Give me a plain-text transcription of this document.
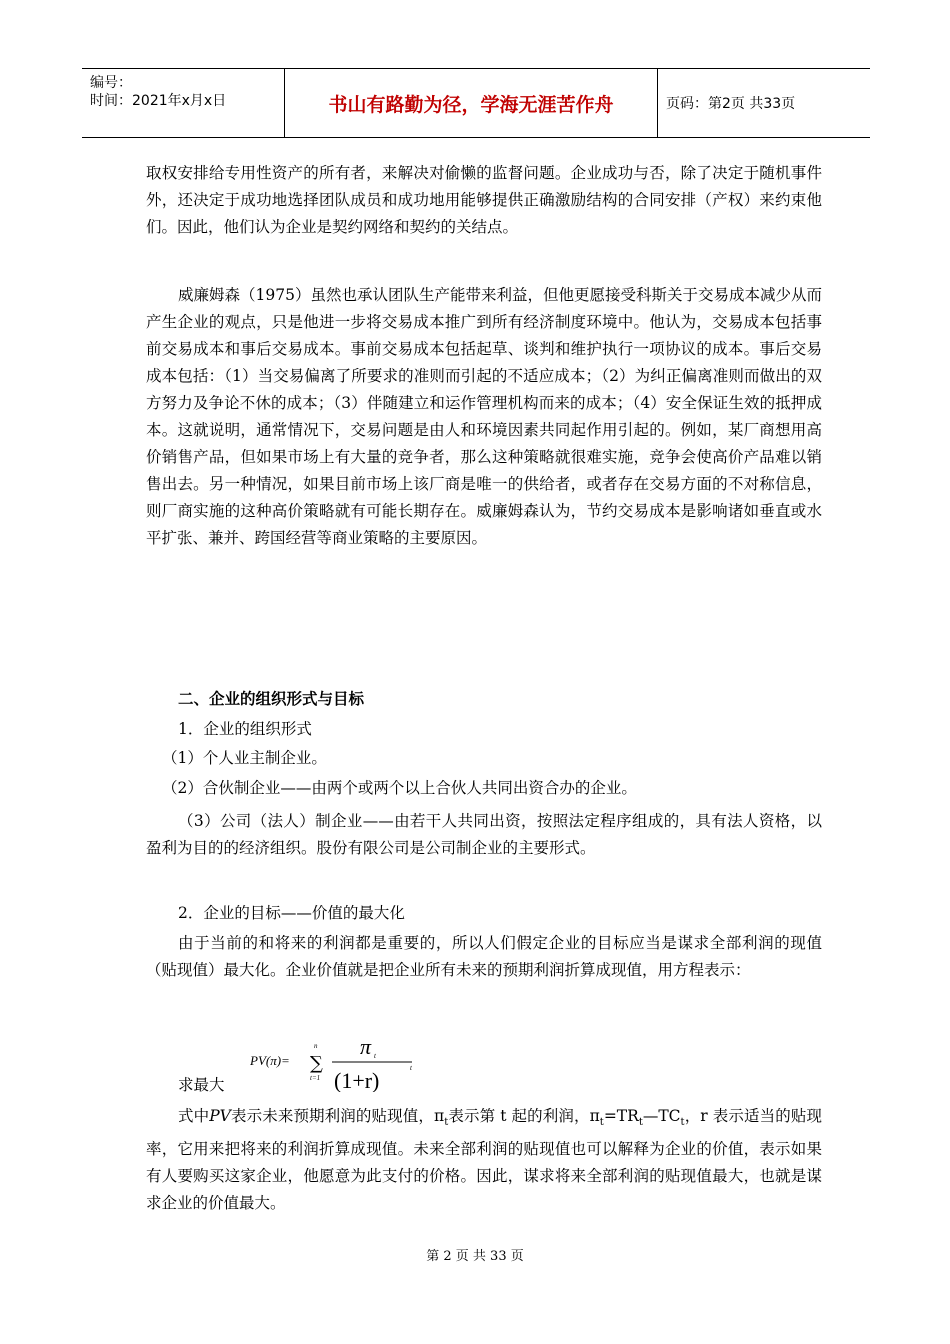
编号：
时间：2021年x月x日	书山有路勤为径，学海无涯苦作舟	页码：第2页 共33页

取权安排给专用性资产的所有者，来解决对偷懒的监督问题。企业成功与否，除了决定于随机事件外，还决定于成功地选择团队成员和成功地用能够提供正确激励结构的合同安排（产权）来约束他们。因此，他们认为企业是契约网络和契约的关结点。

威廉姆森（1975）虽然也承认团队生产能带来利益，但他更愿接受科斯关于交易成本减少从而产生企业的观点，只是他进一步将交易成本推广到所有经济制度环境中。他认为，交易成本包括事前交易成本和事后交易成本。事前交易成本包括起草、谈判和维护执行一项协议的成本。事后交易成本包括：（1）当交易偏离了所要求的准则而引起的不适应成本；（2）为纠正偏离准则而做出的双方努力及争论不休的成本；（3）伴随建立和运作管理机构而来的成本；（4）安全保证生效的抵押成本。这就说明，通常情况下，交易问题是由人和环境因素共同起作用引起的。例如，某厂商想用高价销售产品，但如果市场上有大量的竞争者，那么这种策略就很难实施，竞争会使高价产品难以销售出去。另一种情况，如果目前市场上该厂商是唯一的供给者，或者存在交易方面的不对称信息，则厂商实施的这种高价策略就有可能长期存在。威廉姆森认为，节约交易成本是影响诸如垂直或水平扩张、兼并、跨国经营等商业策略的主要原因。

二、企业的组织形式与目标

1．企业的组织形式

（1）个人业主制企业。

（2）合伙制企业——由两个或两个以上合伙人共同出资合办的企业。

（3）公司（法人）制企业——由若干人共同出资，按照法定程序组成的，具有法人资格，以盈利为目的的经济组织。股份有限公司是公司制企业的主要形式。

2．企业的目标——价值的最大化

由于当前的和将来的利润都是重要的，所以人们假定企业的目标应当是谋求全部利润的现值（贴现值）最大化。企业价值就是把企业所有未来的预期利润折算成现值，用方程表示：

PV(π)=
n
∑
t=1
π t
(1+r)	t

求最大

式中PV表示未来预期利润的贴现值，$\pi_t$表示第 t 起的利润，$\pi_t=TR_t—TC_t$，r 表示适当的贴现率，它用来把将来的利润折算成现值。未来全部利润的贴现值也可以解释为企业的价值，表示如果有人要购买这家企业，他愿意为此支付的价格。因此，谋求将来全部利润的贴现值最大，也就是谋求企业的价值最大。

第 2 页 共 33 页
